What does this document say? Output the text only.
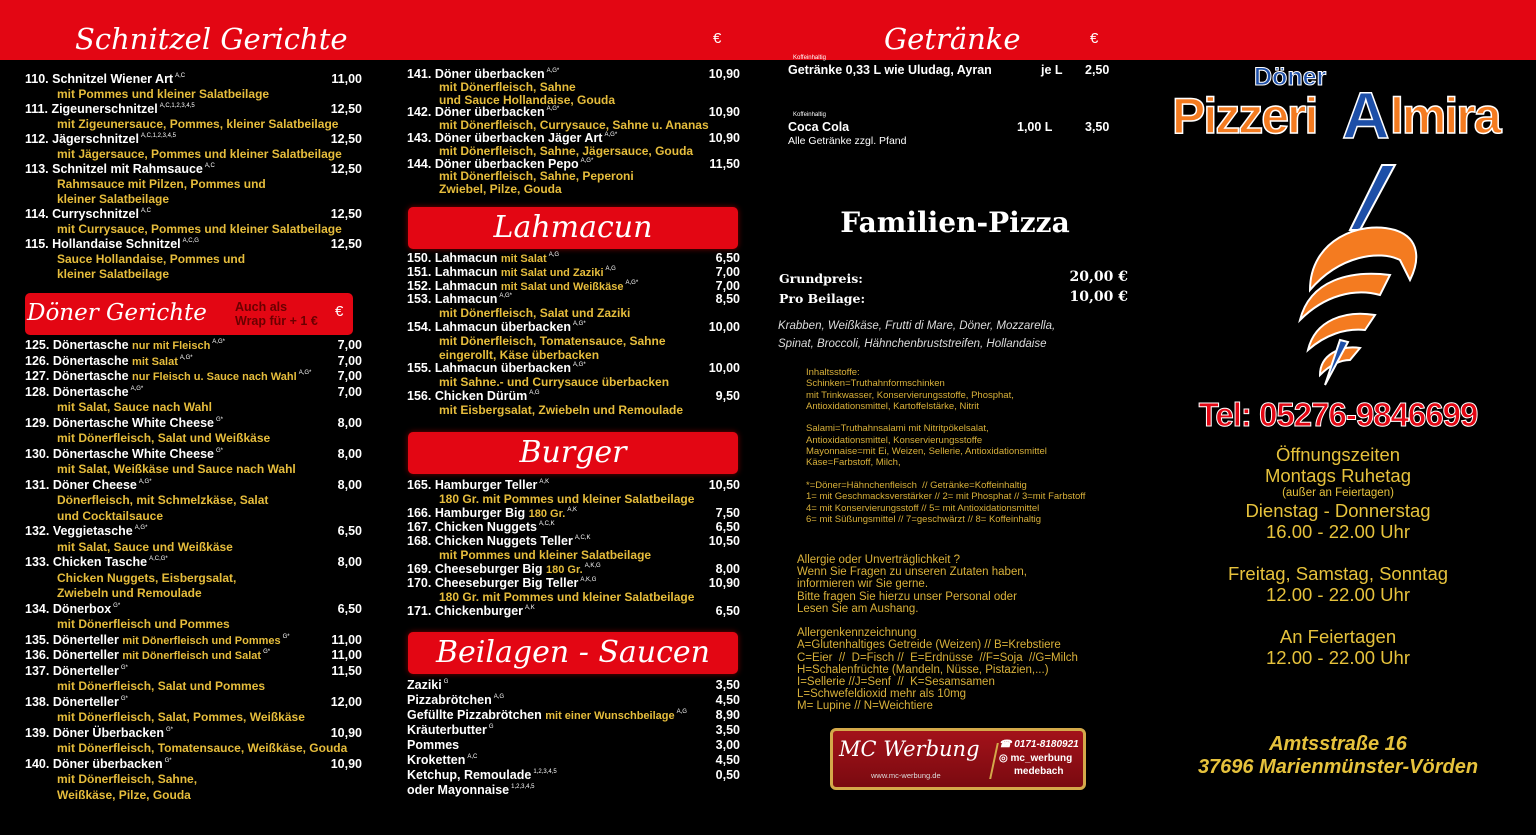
Schnitzel Gerichte	€	Getränke	€
110. Schnitzel Wiener Art $^{A,C}$	11,00
mit Pommes und kleiner Salatbeilage
111. Zigeunerschnitzel $^{A,C,1,2,3,4,5}$	12,50
mit Zigeunersauce, Pommes, kleiner Salatbeilage
112. Jägerschnitzel $^{A,C,1,2,3,4,5}$	12,50
mit Jägersauce, Pommes und kleiner Salatbeilage
113. Schnitzel mit Rahmsauce $^{A,C}$	12,50
Rahmsauce mit Pilzen, Pommes und
kleiner Salatbeilage
114. Curryschnitzel $^{A,C}$	12,50
mit Currysauce, Pommes und kleiner Salatbeilage
115. Hollandaise Schnitzel $^{A,C,G}$	12,50
Sauce Hollandaise, Pommes und
kleiner Salatbeilage
Döner Gerichte Auch als
Wrap für + 1 €
€
125. Dönertasche nur mit Fleisch $^{A,G*}$	7,00
126. Dönertasche mit Salat $^{A,G*}$	7,00
127. Dönertasche nur Fleisch u. Sauce nach Wahl $^{A,G*}$ 7,00
128. Dönertasche $^{A,G*}$	7,00
mit Salat, Sauce nach Wahl
129. Dönertasche White Cheese $^{G*}$	8,00
mit Dönerfleisch, Salat und Weißkäse
130. Dönertasche White Cheese $^{G*}$	8,00
mit Salat, Weißkäse und Sauce nach Wahl
131. Döner Cheese $^{A,G*}$	8,00
Dönerfleisch, mit Schmelzkäse, Salat
und Cocktailsauce
132. Veggietasche $^{A,G*}$	6,50
mit Salat, Sauce und Weißkäse
133. Chicken Tasche $^{A,C,G*}$	8,00
Chicken Nuggets, Eisbergsalat,
Zwiebeln und Remoulade
134. Dönerbox $^{G*}$	6,50
mit Dönerfleisch und Pommes
135. Dönerteller mit Dönerfleisch und Pommes $^{G*}$	11,00
136. Dönerteller mit Dönerfleisch und Salat $^{G*}$	11,00
137. Dönerteller $^{G*}$	11,50
mit Dönerfleisch, Salat und Pommes
138. Dönerteller $^{G*}$	12,00
mit Dönerfleisch, Salat, Pommes, Weißkäse
139. Döner Überbacken $^{G*}$	10,90
mit Dönerfleisch, Tomatensauce, Weißkäse, Gouda
140. Döner überbacken $^{G*}$	10,90
mit Dönerfleisch, Sahne,
Weißkäse, Pilze, Gouda
141. Döner überbacken $^{A,G*}$	10,90
mit Dönerfleisch, Sahne
und Sauce Hollandaise, Gouda
142. Döner überbacken $^{A,G*}$	10,90
mit Dönerfleisch, Currysauce, Sahne u. Ananas
143. Döner überbacken Jäger Art $^{A,G*}$	10,90
mit Dönerfleisch, Sahne, Jägersauce, Gouda
144. Döner überbacken Pepo $^{A,G*}$	11,50
mit Dönerfleisch, Sahne, Peperoni
Zwiebel, Pilze, Gouda
Lahmacun
150. Lahmacun mit Salat $^{A,G}$	6,50
151. Lahmacun mit Salat und Zaziki $^{A,G}$	7,00
152. Lahmacun mit Salat und Weißkäse $^{A,G*}$	7,00
153. Lahmacun $^{A,G*}$	8,50
mit Dönerfleisch, Salat und Zaziki
154. Lahmacun überbacken $^{A,G*}$	10,00
mit Dönerfleisch, Tomatensauce, Sahne
eingerollt, Käse überbacken
155. Lahmacun überbacken $^{A,G*}$	10,00
mit Sahne.- und Currysauce überbacken
156. Chicken Dürüm $^{A,G}$	9,50
mit Eisbergsalat, Zwiebeln und Remoulade
Burger
165. Hamburger Teller $^{A,K}$	10,50
180 Gr. mit Pommes und kleiner Salatbeilage
166. Hamburger Big 180 Gr. $^{A,K}$	7,50
167. Chicken Nuggets $^{A,C,K}$	6,50
168. Chicken Nuggets Teller $^{A,C,K}$	10,50
mit Pommes und kleiner Salatbeilage
169. Cheeseburger Big 180 Gr. $^{A,K,G}$	8,00
170. Cheeseburger Big Teller $^{A,K,G}$	10,90
180 Gr. mit Pommes und kleiner Salatbeilage
171. Chickenburger $^{A,K}$	6,50
Beilagen - Saucen
Zaziki $^G$	3,50
Pizzabrötchen $^{A,G}$	4,50
Gefüllte Pizzabrötchen mit einer Wunschbeilage $^{A,G}$ 8,90
Kräuterbutter $^G$	3,50
Pommes	3,00
Kroketten $^{A,C}$	4,50
Ketchup, Remoulade $^{1,2,3,4,5}$	0,50
oder Mayonnaise $^{1,2,3,4,5}$
Koffeinhaltig
Getränke 0,33 L wie Uludag, Ayran	je L 2,50
Koffeinhaltig
Coca Cola	1,00 L	3,50
Alle Getränke zzgl. Pfand
Familien-Pizza
Grundpreis:	20,00 €
Pro Beilage:	10,00 €
Krabben, Weißkäse, Frutti di Mare, Döner, Mozzarella,
Spinat, Broccoli, Hähnchenbruststreifen, Hollandaise
Inhaltsstoffe:
Schinken=Truthahnformschinken
mit Trinkwasser, Konservierungsstoffe, Phosphat,
Antioxidationsmittel, Kartoffelstärke, Nitrit

Salami=Truthahnsalami mit Nitritpökelsalat,
Antioxidationsmittel, Konservierungsstoffe
Mayonnaise=mit Ei, Weizen, Sellerie, Antioxidationsmittel
Käse=Farbstoff, Milch,

*=Döner=Hähnchenfleisch  // Getränke=Koffeinhaltig
1= mit Geschmacksverstärker // 2= mit Phosphat // 3=mit Farbstoff
4= mit Konservierungsstoff // 5= mit Antioxidationsmittel
6= mit Süßungsmittel // 7=geschwärzt // 8= Koffeinhaltig
Allergie oder Unverträglichkeit ?
Wenn Sie Fragen zu unseren Zutaten haben,
informieren wir Sie gerne.
Bitte fragen Sie hierzu unser Personal oder
Lesen Sie am Aushang.

Allergenkennzeichnung
A=Glutenhaltiges Getreide (Weizen) // B=Krebstiere
C=Eier  //  D=Fisch //  E=Erdnüsse  //F=Soja  //G=Milch
H=Schalenfrüchte (Mandeln, Nüsse, Pistazien,...)
I=Sellerie //J=Senf  //  K=Sesamsamen
L=Schwefeldioxid mehr als 10mg
M= Lupine // N=Weichtiere
MC Werbung
www.mc-werbung.de
☎ 0171-8180921
◎ mc_werbung
medebach
Döner
Pizzeri A lmira
Tel: 05276-9846699
Öffnungszeiten
Montags Ruhetag
(außer an Feiertagen)
Dienstag - Donnerstag
16.00 - 22.00 Uhr
Freitag, Samstag, Sonntag
12.00 - 22.00 Uhr
An Feiertagen
12.00 - 22.00 Uhr
Amtsstraße 16
37696 Marienmünster-Vörden
